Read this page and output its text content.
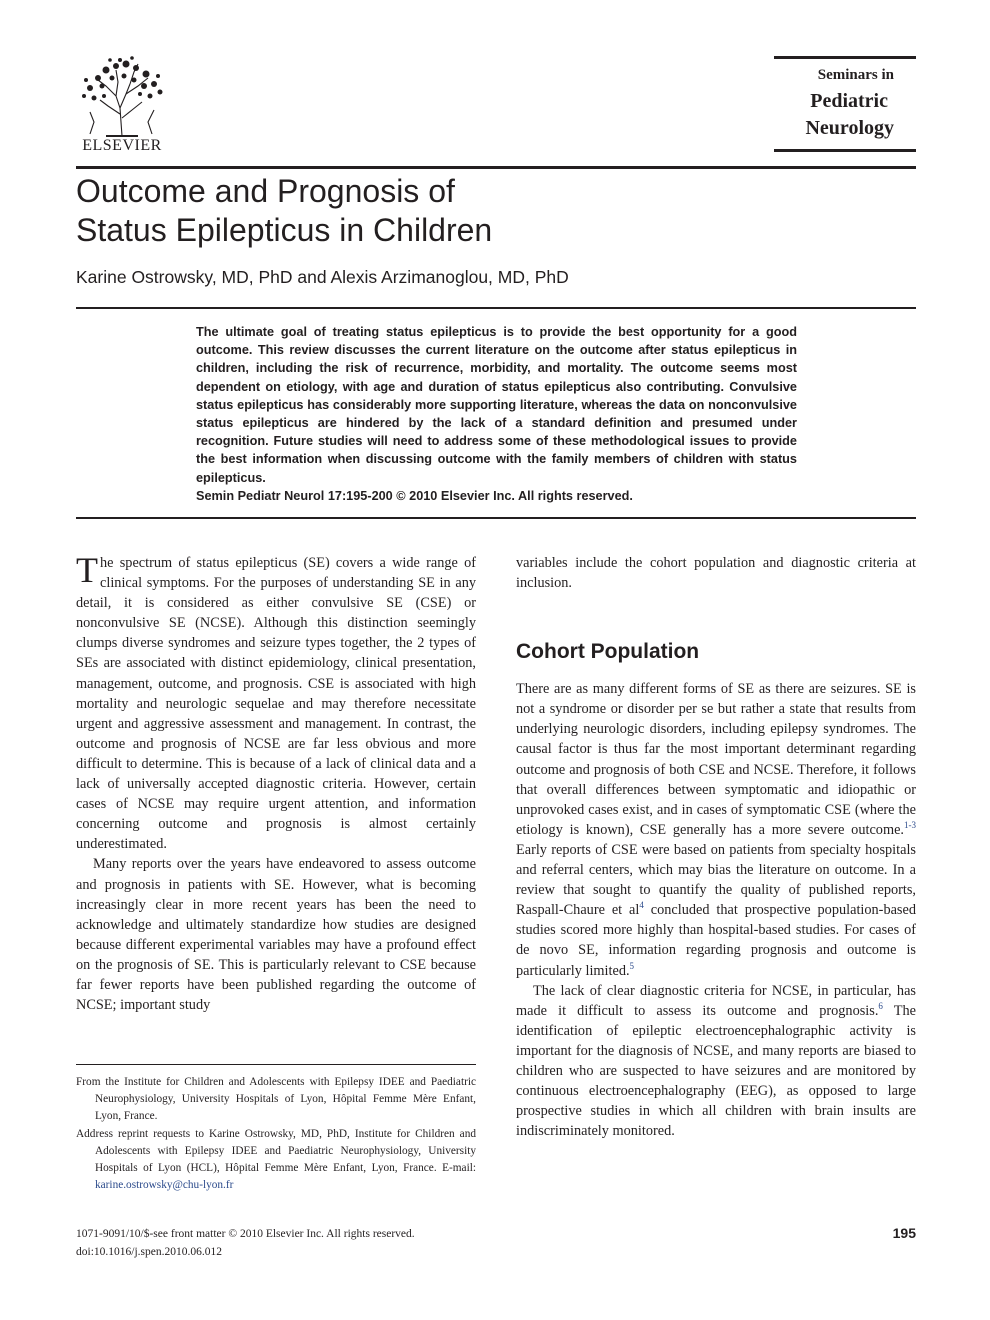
ELSEVIER
Seminars in
Pediatric
Neurology
Outcome and Prognosis of
Status Epilepticus in Children
Karine Ostrowsky, MD, PhD and Alexis Arzimanoglou, MD, PhD

The ultimate goal of treating status epilepticus is to provide the best opportunity for a good outcome. This review discusses the current literature on the outcome after status epilepticus in children, including the risk of recurrence, morbidity, and mortality. The outcome seems most dependent on etiology, with age and duration of status epilepticus also contributing. Convulsive status epilepticus has considerably more supporting literature, whereas the data on nonconvulsive status epilepticus are hindered by the lack of a standard definition and presumed under recognition. Future studies will need to address some of these methodological issues to provide the best information when discussing outcome with the family members of children with status epilepticus.

Semin Pediatr Neurol 17:195-200 © 2010 Elsevier Inc. All rights reserved.

The spectrum of status epilepticus (SE) covers a wide range of clinical symptoms. For the purposes of understanding SE in any detail, it is considered as either convulsive SE (CSE) or nonconvulsive SE (NCSE). Although this distinction seemingly clumps diverse syndromes and seizure types together, the 2 types of SEs are associated with distinct epidemiology, clinical presentation, management, outcome, and prognosis. CSE is associated with high mortality and neurologic sequelae and may therefore necessitate urgent and aggressive assessment and management. In contrast, the outcome and prognosis of NCSE are far less obvious and more difficult to determine. This is because of a lack of clinical data and a lack of universally accepted diagnostic criteria. However, certain cases of NCSE may require urgent attention, and information concerning outcome and prognosis is almost certainly underestimated.

Many reports over the years have endeavored to assess outcome and prognosis in patients with SE. However, what is becoming increasingly clear in more recent years has been the need to acknowledge and ultimately standardize how studies are designed because different experimental variables may have a profound effect on the prognosis of SE. This is particularly relevant to CSE because far fewer reports have been published regarding the outcome of NCSE; important study

variables include the cohort population and diagnostic criteria at inclusion.

Cohort Population

There are as many different forms of SE as there are seizures. SE is not a syndrome or disorder per se but rather a state that results from underlying neurologic disorders, including epilepsy syndromes. The causal factor is thus far the most important determinant regarding outcome and prognosis of both CSE and NCSE. Therefore, it follows that overall differences between symptomatic and idiopathic or unprovoked cases exist, and in cases of symptomatic CSE (where the etiology is known), CSE generally has a more severe outcome.$^{1-3}$ Early reports of CSE were based on patients from specialty hospitals and referral centers, which may bias the literature on outcome. In a review that sought to quantify the quality of published reports, Raspall-Chaure et $al^4$ concluded that prospective population-based studies scored more highly than hospital-based studies. For cases of de novo SE, information regarding prognosis and outcome is particularly limited.$^5$

The lack of clear diagnostic criteria for NCSE, in particular, has made it difficult to assess its outcome and prognosis.$^6$ The identification of epileptic electroencephalographic activity is important for the diagnosis of NCSE, and many reports are biased to children who are suspected to have seizures and are monitored by continuous electroencephalography (EEG), as opposed to large prospective studies in which all children with brain insults are indiscriminately monitored.

From the Institute for Children and Adolescents with Epilepsy IDEE and Paediatric Neurophysiology, University Hospitals of Lyon, Hôpital Femme Mère Enfant, Lyon, France.

Address reprint requests to Karine Ostrowsky, MD, PhD, Institute for Children and Adolescents with Epilepsy IDEE and Paediatric Neurophysiology, University Hospitals of Lyon (HCL), Hôpital Femme Mère Enfant, Lyon, France. E-mail: karine.ostrowsky@chu-lyon.fr

1071-9091/10/$-see front matter © 2010 Elsevier Inc. All rights reserved.
doi:10.1016/j.spen.2010.06.012
195
